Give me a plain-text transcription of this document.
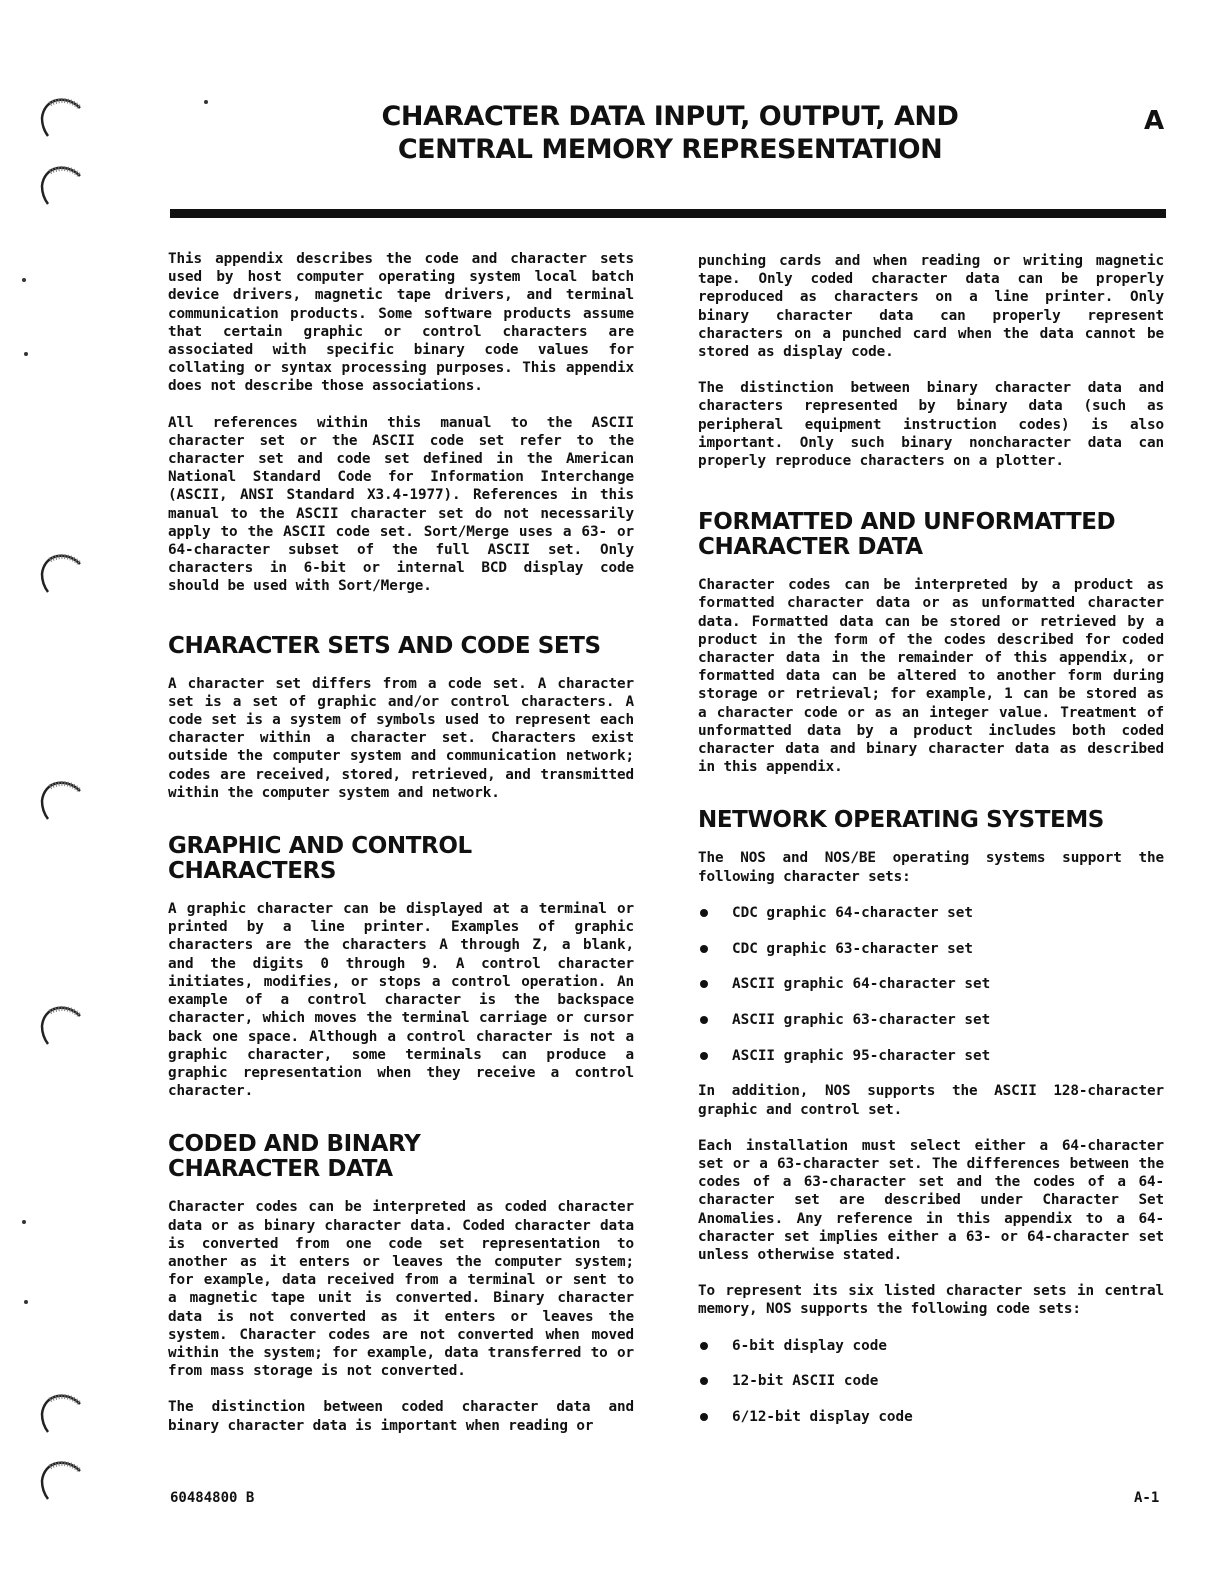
CHARACTER DATA INPUT, OUTPUT, AND
CENTRAL MEMORY REPRESENTATION
A

This appendix describes the code and character sets used by host computer operating system local batch device drivers, magnetic tape drivers, and terminal communication products. Some software products assume that certain graphic or control characters are associated with specific binary code values for collating or syntax processing purposes. This appendix does not describe those associations.

All references within this manual to the ASCII character set or the ASCII code set refer to the character set and code set defined in the American National Standard Code for Information Interchange (ASCII, ANSI Standard X3.4-1977). References in this manual to the ASCII character set do not necessarily apply to the ASCII code set. Sort/Merge uses a 63- or 64-character subset of the full ASCII set. Only characters in 6-bit or internal BCD display code should be used with Sort/Merge.

CHARACTER SETS AND CODE SETS

A character set differs from a code set. A character set is a set of graphic and/or control characters. A code set is a system of symbols used to represent each character within a character set. Characters exist outside the computer system and communication network; codes are received, stored, retrieved, and transmitted within the computer system and network.

GRAPHIC AND CONTROL
CHARACTERS

A graphic character can be displayed at a terminal or printed by a line printer. Examples of graphic characters are the characters A through Z, a blank, and the digits 0 through 9. A control character initiates, modifies, or stops a control operation. An example of a control character is the backspace character, which moves the terminal carriage or cursor back one space. Although a control character is not a graphic character, some terminals can produce a graphic representation when they receive a control character.

CODED AND BINARY
CHARACTER DATA

Character codes can be interpreted as coded character data or as binary character data. Coded character data is converted from one code set representation to another as it enters or leaves the computer system; for example, data received from a terminal or sent to a magnetic tape unit is converted. Binary character data is not converted as it enters or leaves the system. Character codes are not converted when moved within the system; for example, data transferred to or from mass storage is not converted.

The distinction between coded character data and binary character data is important when reading or

punching cards and when reading or writing magnetic tape. Only coded character data can be properly reproduced as characters on a line printer. Only binary character data can properly represent characters on a punched card when the data cannot be stored as display code.

The distinction between binary character data and characters represented by binary data (such as peripheral equipment instruction codes) is also important. Only such binary noncharacter data can properly reproduce characters on a plotter.

FORMATTED AND UNFORMATTED
CHARACTER DATA

Character codes can be interpreted by a product as formatted character data or as unformatted character data. Formatted data can be stored or retrieved by a product in the form of the codes described for coded character data in the remainder of this appendix, or formatted data can be altered to another form during storage or retrieval; for example, 1 can be stored as a character code or as an integer value. Treatment of unformatted data by a product includes both coded character data and binary character data as described in this appendix.

NETWORK OPERATING SYSTEMS

The NOS and NOS/BE operating systems support the following character sets:

CDC graphic 64-character set
CDC graphic 63-character set
ASCII graphic 64-character set
ASCII graphic 63-character set
ASCII graphic 95-character set

In addition, NOS supports the ASCII 128-character graphic and control set.

Each installation must select either a 64-character set or a 63-character set. The differences between the codes of a 63-character set and the codes of a 64-character set are described under Character Set Anomalies. Any reference in this appendix to a 64-character set implies either a 63- or 64-character set unless otherwise stated.

To represent its six listed character sets in central memory, NOS supports the following code sets:

6-bit display code
12-bit ASCII code
6/12-bit display code
60484800 B	A-1
